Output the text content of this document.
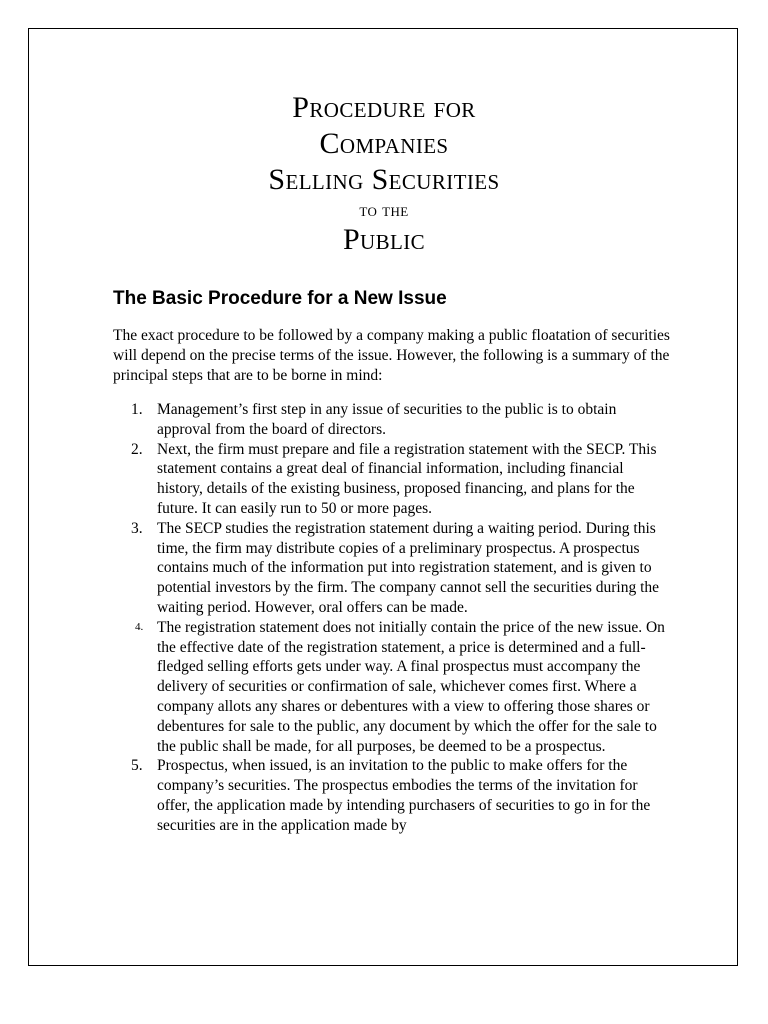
Procedure for
Companies
Selling Securities
to the
Public
The Basic Procedure for a New Issue

The exact procedure to be followed by a company making a public floatation of securities will depend on the precise terms of the issue. However, the following is a summary of the principal steps that are to be borne in mind:

1. Management’s first step in any issue of securities to the public is to obtain approval from the board of directors.
2. Next, the firm must prepare and file a registration statement with the SECP. This statement contains a great deal of financial information, including financial history, details of the existing business, proposed financing, and plans for the future. It can easily run to 50 or more pages.
3. The SECP studies the registration statement during a waiting period. During this time, the firm may distribute copies of a preliminary prospectus. A prospectus contains much of the information put into registration statement, and is given to potential investors by the firm. The company cannot sell the securities during the waiting period. However, oral offers can be made.
4. The registration statement does not initially contain the price of the new issue. On the effective date of the registration statement, a price is determined and a full-fledged selling efforts gets under way. A final prospectus must accompany the delivery of securities or confirmation of sale, whichever comes first. Where a company allots any shares or debentures with a view to offering those shares or debentures for sale to the public, any document by which the offer for the sale to the public shall be made, for all purposes, be deemed to be a prospectus.
5. Prospectus, when issued, is an invitation to the public to make offers for the company’s securities. The prospectus embodies the terms of the invitation for offer, the application made by intending purchasers of securities to go in for the securities are in the application made by
